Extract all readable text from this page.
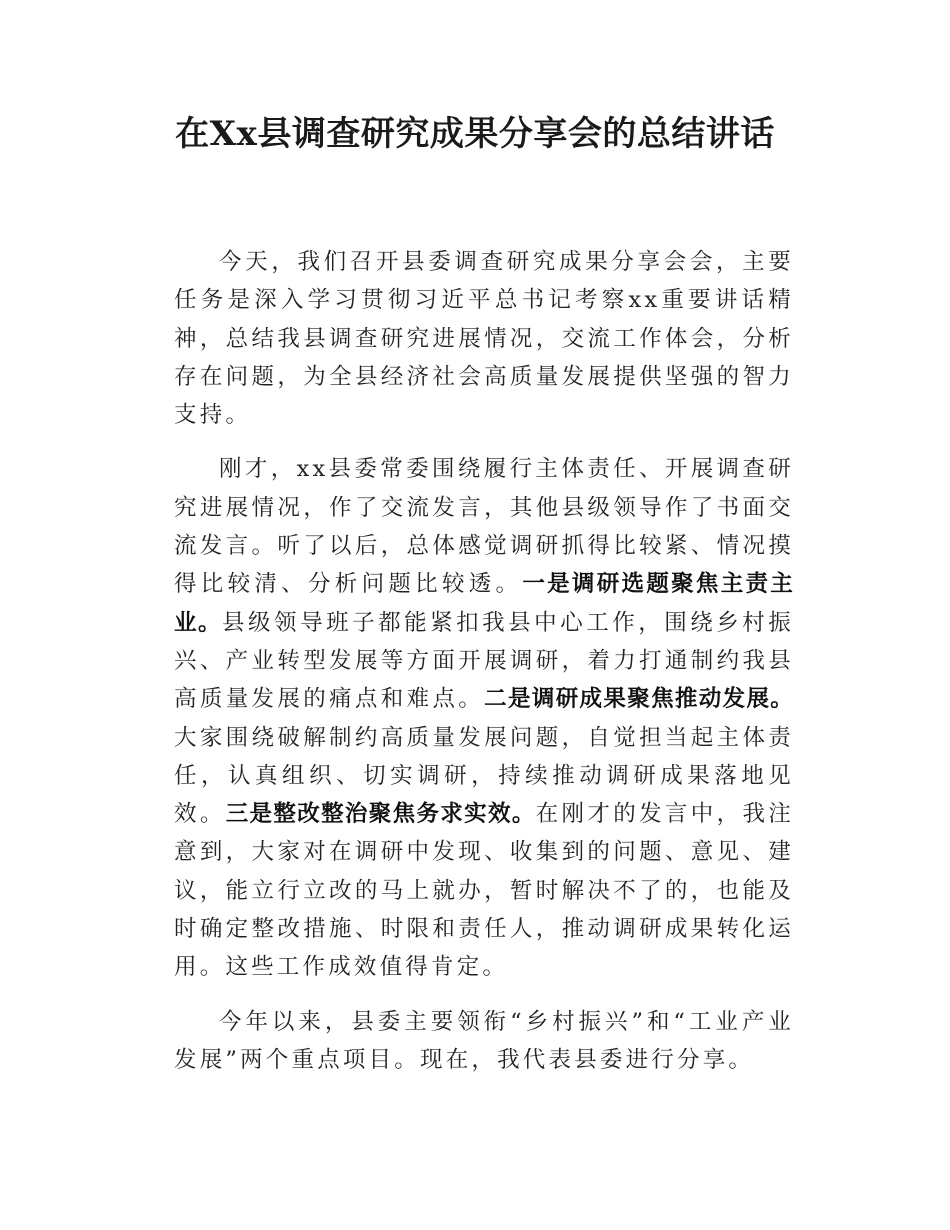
在Xx县调查研究成果分享会的总结讲话

今天，我们召开县委调查研究成果分享会会，主要任务是深入学习贯彻习近平总书记考察xx重要讲话精神，总结我县调查研究进展情况，交流工作体会，分析存在问题，为全县经济社会高质量发展提供坚强的智力支持。

刚才，xx县委常委围绕履行主体责任、开展调查研究进展情况，作了交流发言，其他县级领导作了书面交流发言。听了以后，总体感觉调研抓得比较紧、情况摸得比较清、分析问题比较透。一是调研选题聚焦主责主业。县级领导班子都能紧扣我县中心工作，围绕乡村振兴、产业转型发展等方面开展调研，着力打通制约我县高质量发展的痛点和难点。二是调研成果聚焦推动发展。大家围绕破解制约高质量发展问题，自觉担当起主体责任，认真组织、切实调研，持续推动调研成果落地见效。三是整改整治聚焦务求实效。在刚才的发言中，我注意到，大家对在调研中发现、收集到的问题、意见、建议，能立行立改的马上就办，暂时解决不了的，也能及时确定整改措施、时限和责任人，推动调研成果转化运用。这些工作成效值得肯定。

今年以来，县委主要领衔“乡村振兴”和“工业产业发展”两个重点项目。现在，我代表县委进行分享。
